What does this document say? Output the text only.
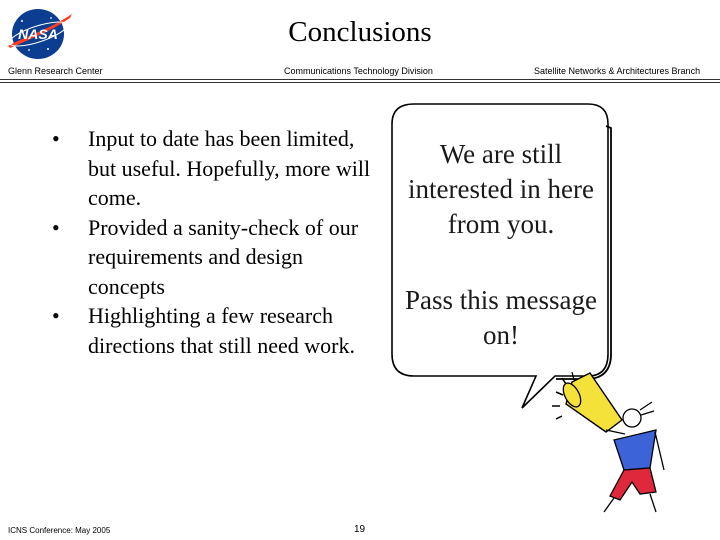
NASA	Conclusions
Glenn Research Center	Communications Technology Division	Satellite Networks & Architectures Branch
• Input to date has been limited, but useful. Hopefully, more will come.
• Provided a sanity-check of our requirements and design concepts
• Highlighting a few research directions that still need work.
We are still interested in here from you.
Pass this message on!
ICNS Conference: May 2005	19
